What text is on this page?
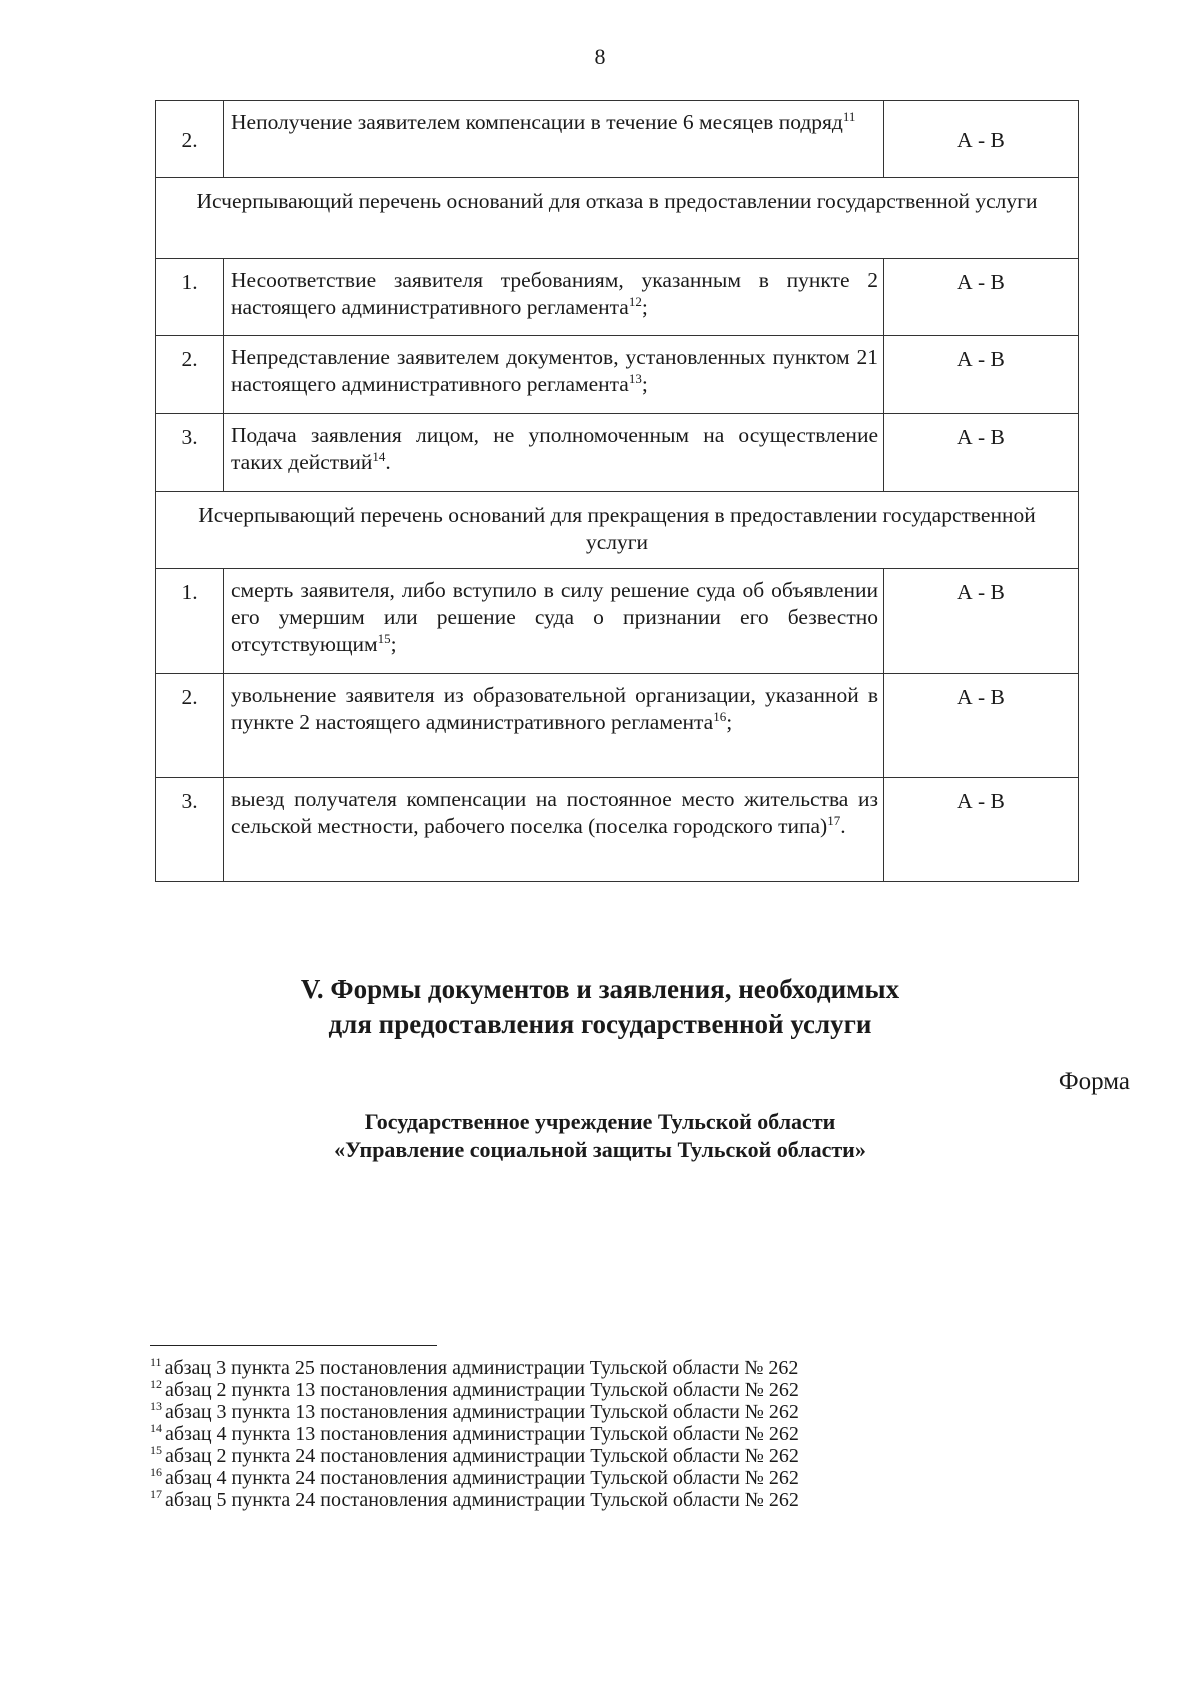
8
2.	Неполучение заявителем компенсации в течение 6 месяцев подряд$^{11}$	А - В
Исчерпывающий перечень оснований для отказа в предоставлении государственной услуги		
1.	Несоответствие заявителя требованиям, указанным в пункте 2 настоящего административного регламента$^{12}$;	А - В
2.	Непредставление заявителем документов, установленных пунктом 21 настоящего административного регламента$^{13}$;	А - В
3.	Подача заявления лицом, не уполномоченным на осуществление таких действий$^{14}$.	А - В
Исчерпывающий перечень оснований для прекращения в предоставлении государственной услуги		
1.	смерть заявителя, либо вступило в силу решение суда об объявлении его умершим или решение суда о признании его безвестно отсутствующим$^{15}$;	А - В
2.	увольнение заявителя из образовательной организации, указанной в пункте 2 настоящего административного регламента$^{16}$;	А - В
3.	выезд получателя компенсации на постоянное место жительства из сельской местности, рабочего поселка (поселка городского типа)$^{17}$.	А - В
V. Формы документов и заявления, необходимых
для предоставления государственной услуги
Форма
Государственное учреждение Тульской области
«Управление социальной защиты Тульской области»
$^{11}$ абзац 3 пункта 25 постановления администрации Тульской области № 262
$^{12}$ абзац 2 пункта 13 постановления администрации Тульской области № 262
$^{13}$ абзац 3 пункта 13 постановления администрации Тульской области № 262
$^{14}$ абзац 4 пункта 13 постановления администрации Тульской области № 262
$^{15}$ абзац 2 пункта 24 постановления администрации Тульской области № 262
$^{16}$ абзац 4 пункта 24 постановления администрации Тульской области № 262
$^{17}$ абзац 5 пункта 24 постановления администрации Тульской области № 262
